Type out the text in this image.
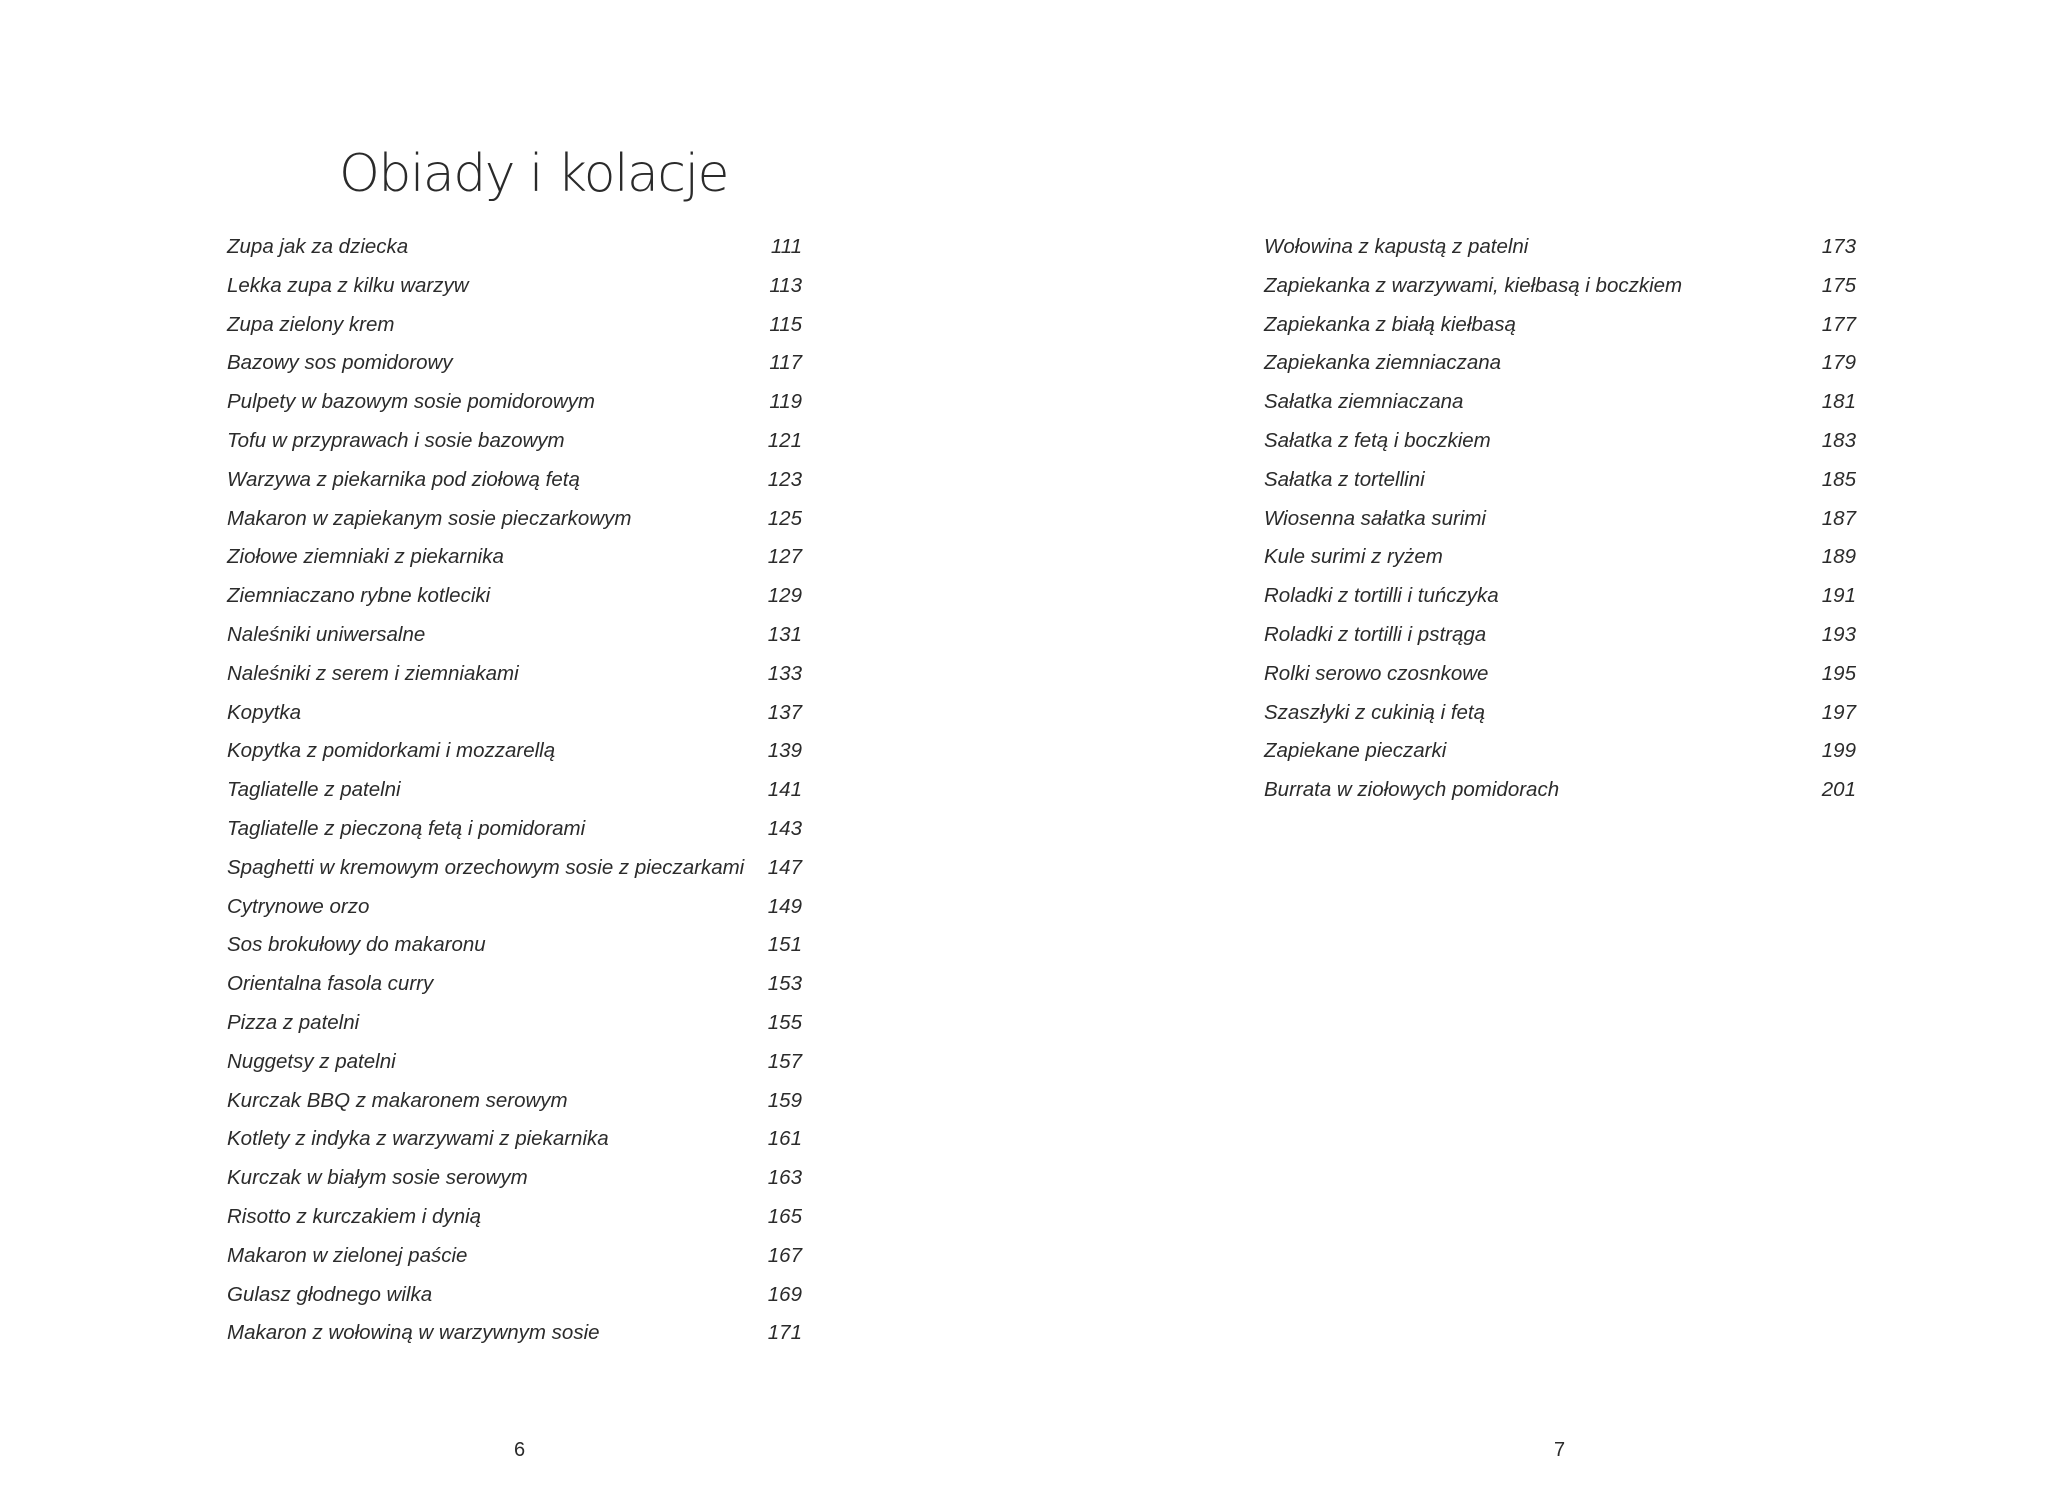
Obiady i kolacje
Zupa jak za dziecka	111
Lekka zupa z kilku warzyw	113
Zupa zielony krem	115
Bazowy sos pomidorowy	117
Pulpety w bazowym sosie pomidorowym	119
Tofu w przyprawach i sosie bazowym	121
Warzywa z piekarnika pod ziołową fetą	123
Makaron w zapiekanym sosie pieczarkowym	125
Ziołowe ziemniaki z piekarnika	127
Ziemniaczano rybne kotleciki	129
Naleśniki uniwersalne	131
Naleśniki z serem i ziemniakami	133
Kopytka	137
Kopytka z pomidorkami i mozzarellą	139
Tagliatelle z patelni	141
Tagliatelle z pieczoną fetą i pomidorami	143
Spaghetti w kremowym orzechowym sosie z pieczarkami 147
Cytrynowe orzo	149
Sos brokułowy do makaronu	151
Orientalna fasola curry	153
Pizza z patelni	155
Nuggetsy z patelni	157
Kurczak BBQ z makaronem serowym	159
Kotlety z indyka z warzywami z piekarnika	161
Kurczak w białym sosie serowym	163
Risotto z kurczakiem i dynią	165
Makaron w zielonej paście	167
Gulasz głodnego wilka	169
Makaron z wołowiną w warzywnym sosie	171
6
Wołowina z kapustą z patelni	173
Zapiekanka z warzywami, kiełbasą i boczkiem	175
Zapiekanka z białą kiełbasą	177
Zapiekanka ziemniaczana	179
Sałatka ziemniaczana	181
Sałatka z fetą i boczkiem	183
Sałatka z tortellini	185
Wiosenna sałatka surimi	187
Kule surimi z ryżem	189
Roladki z tortilli i tuńczyka	191
Roladki z tortilli i pstrąga	193
Rolki serowo czosnkowe	195
Szaszłyki z cukinią i fetą	197
Zapiekane pieczarki	199
Burrata w ziołowych pomidorach	201
7
